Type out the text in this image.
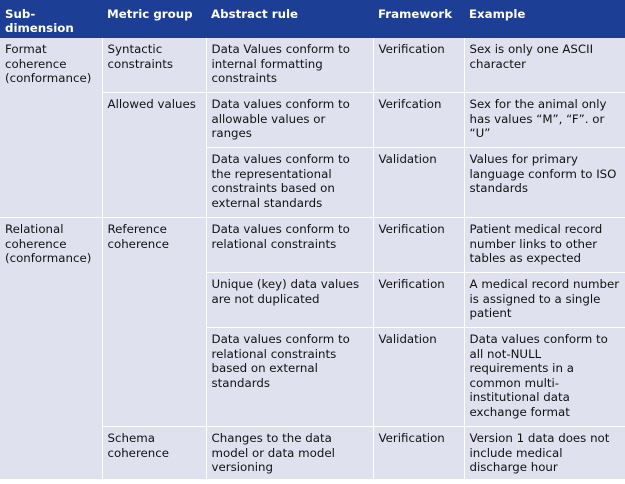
Sub-dimension	Metric group	Abstract rule	Framework	Example
Format coherence (conformance)	Syntactic constraints	Data Values conform to internal formatting constraints	Verification	Sex is only one ASCII character
	Allowed values	Data values conform to allowable values or ranges	Verifcation	Sex for the animal only has values “M”, “F”. or “U”
		Data values conform to the representational constraints based on external standards	Validation	Values for primary language conform to ISO standards
Relational coherence (conformance)	Reference coherence	Data values conform to relational constraints	Verification	Patient medical record number links to other tables as expected
		Unique (key) data values are not duplicated	Verification	A medical record number is assigned to a single patient
		Data values conform to relational constraints based on external standards	Validation	Data values conform to all not-NULL requirements in a common multi-institutional data exchange format
	Schema coherence	Changes to the data model or data model versioning	Verification	Version 1 data does not include medical discharge hour
